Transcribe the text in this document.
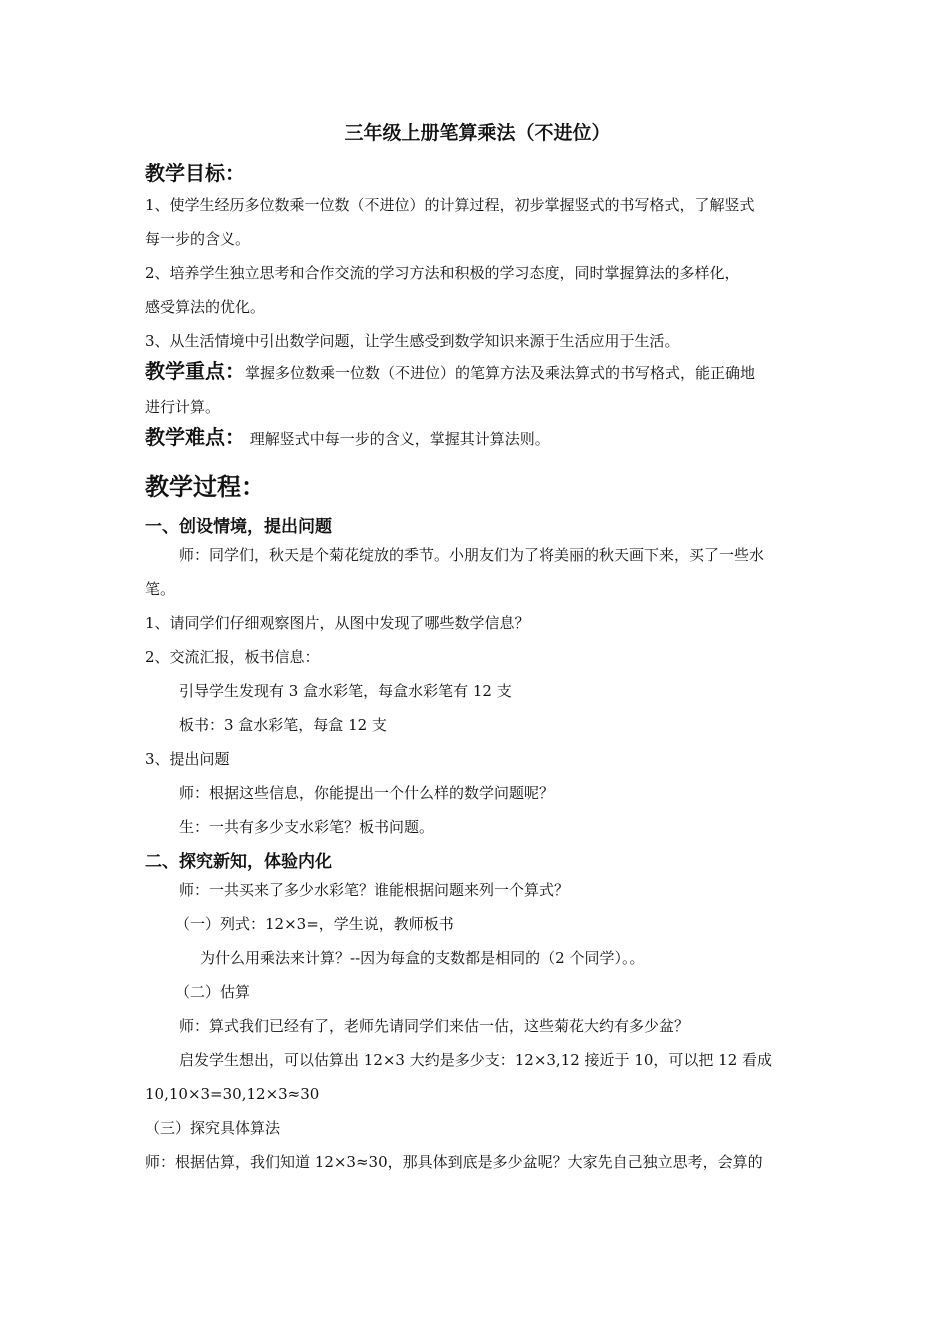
三年级上册笔算乘法（不进位）
教学目标：
1、使学生经历多位数乘一位数（不进位）的计算过程，初步掌握竖式的书写格式，了解竖式
每一步的含义。
2、培养学生独立思考和合作交流的学习方法和积极的学习态度，同时掌握算法的多样化，
感受算法的优化。
3、从生活情境中引出数学问题，让学生感受到数学知识来源于生活应用于生活。
教学重点：掌握多位数乘一位数（不进位）的笔算方法及乘法算式的书写格式，能正确地
进行计算。
教学难点： 理解竖式中每一步的含义，掌握其计算法则。
教学过程：
一、创设情境，提出问题
师：同学们，秋天是个菊花绽放的季节。小朋友们为了将美丽的秋天画下来，买了一些水
笔。
1、请同学们仔细观察图片，从图中发现了哪些数学信息？
2、交流汇报，板书信息：
引导学生发现有 3 盒水彩笔，每盒水彩笔有 12 支
板书：3 盒水彩笔，每盒 12 支
3、提出问题
师：根据这些信息，你能提出一个什么样的数学问题呢？
生：一共有多少支水彩笔？板书问题。
二、探究新知，体验内化
师：一共买来了多少水彩笔？谁能根据问题来列一个算式？
（一）列式：12×3=，学生说，教师板书
为什么用乘法来计算？--因为每盒的支数都是相同的（2 个同学）。。
（二）估算
师：算式我们已经有了，老师先请同学们来估一估，这些菊花大约有多少盆？
启发学生想出，可以估算出 12×3 大约是多少支：12×3,12 接近于 10，可以把 12 看成
10,10×3=30,12×3≈30
（三）探究具体算法
师：根据估算，我们知道 12×3≈30，那具体到底是多少盆呢？大家先自己独立思考，会算的
